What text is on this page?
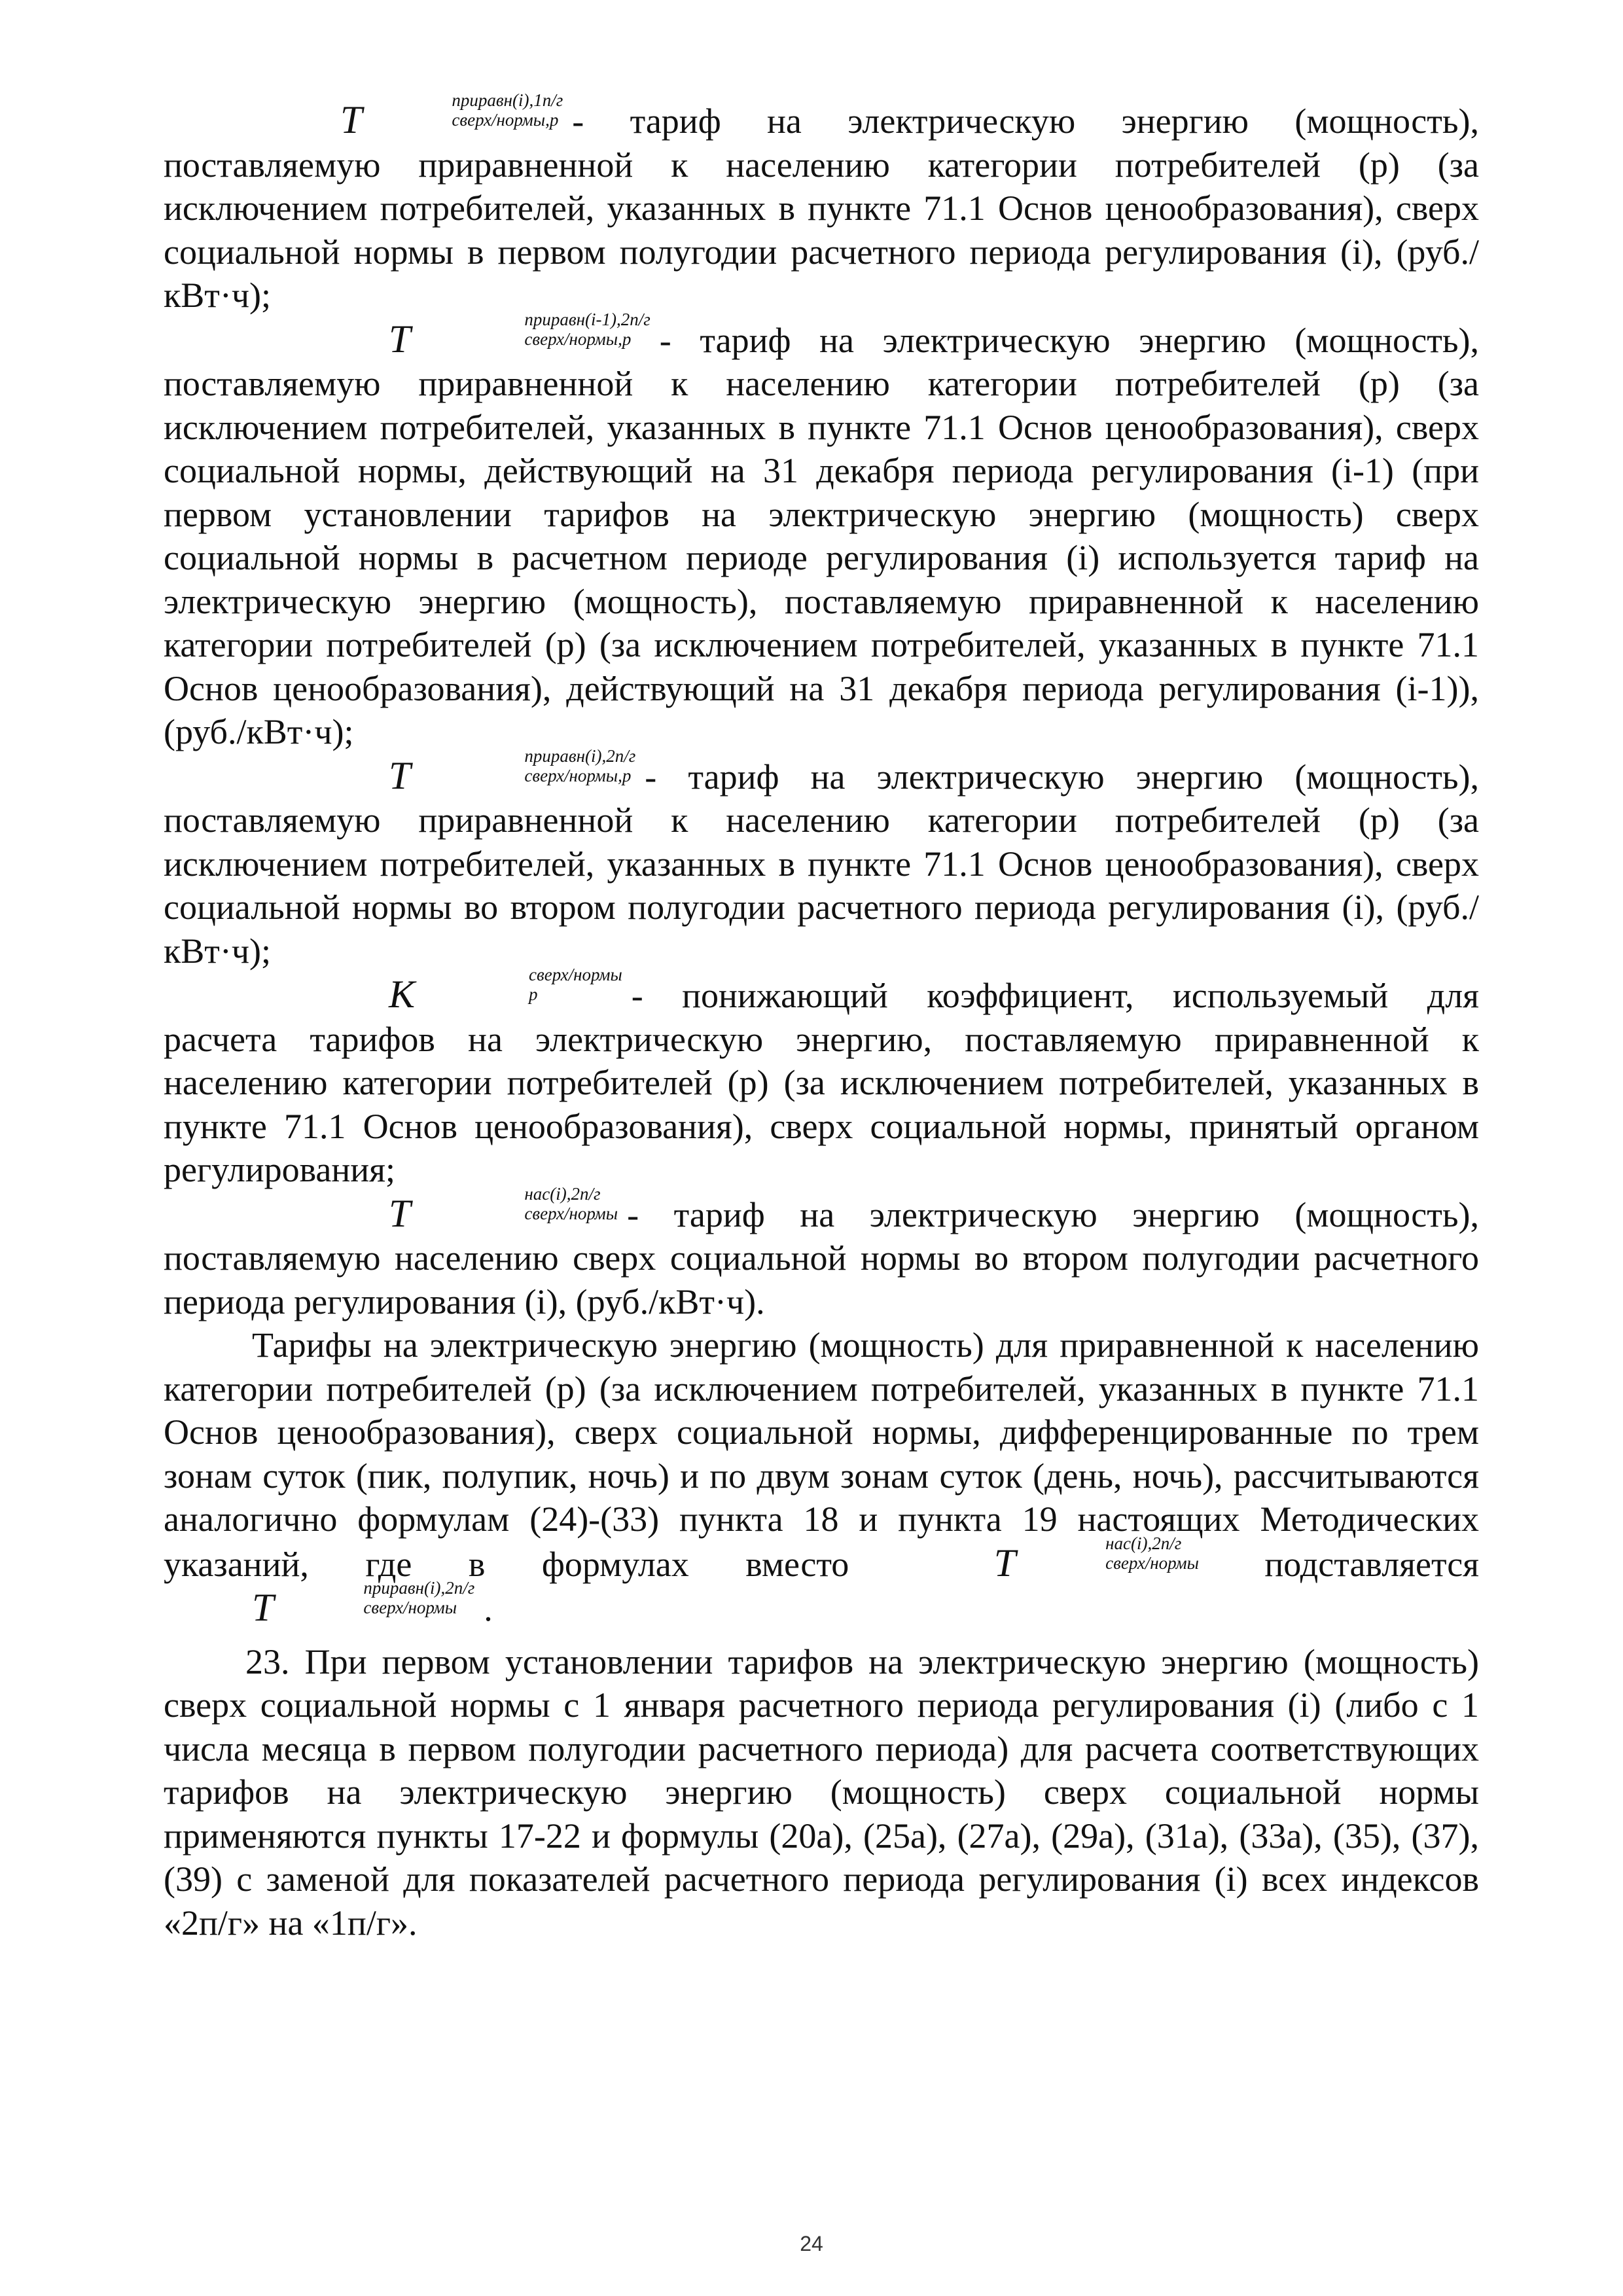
T	приравн(i),1п/г
сверх/нормы,р - тариф на электрическую энергию (мощность), поставляемую приравненной к населению категории потребителей (р) (за исключением потребителей, указанных в пункте 71.1 Основ ценообразования), сверх социальной нормы в первом полугодии расчетного периода регулирования (i), (руб./кВт·ч);

T	приравн(i-1),2п/г
сверх/нормы,р - тариф на электрическую энергию (мощность), поставляемую приравненной к населению категории потребителей (р) (за исключением потребителей, указанных в пункте 71.1 Основ ценообразования), сверх социальной нормы, действующий на 31 декабря периода регулирования (i-1) (при первом установлении тарифов на электрическую энергию (мощность) сверх социальной нормы в расчетном периоде регулирования (i) используется тариф на электрическую энергию (мощность), поставляемую приравненной к населению категории потребителей (р) (за исключением потребителей, указанных в пункте 71.1 Основ ценообразования), действующий на 31 декабря периода регулирования (i-1)), (руб./кВт·ч);

T	приравн(i),2п/г
сверх/нормы,р - тариф на электрическую энергию (мощность), поставляемую приравненной к населению категории потребителей (р) (за исключением потребителей, указанных в пункте 71.1 Основ ценообразования), сверх социальной нормы во втором полугодии расчетного периода регулирования (i), (руб./кВт·ч);

K	сверх/нормы
р	- понижающий коэффициент, используемый для расчета тарифов на электрическую энергию, поставляемую приравненной к населению категории потребителей (р) (за исключением потребителей, указанных в пункте 71.1 Основ ценообразования), сверх социальной нормы, принятый органом регулирования;

T	нас(i),2п/г
сверх/нормы - тариф на электрическую энергию (мощность), поставляемую населению сверх социальной нормы во втором полугодии расчетного периода регулирования (i), (руб./кВт·ч).

Тарифы на электрическую энергию (мощность) для приравненной к населению категории потребителей (р) (за исключением потребителей, указанных в пункте 71.1 Основ ценообразования), сверх социальной нормы, дифференцированные по трем зонам суток (пик, полупик, ночь) и по двум зонам суток (день, ночь), рассчитываются аналогично формулам (24)-(33) пункта 18 и пункта 19 настоящих Методических указаний, где в формулах вместо	T	нас(i),2п/г
сверх/нормы подставляется T	приравн(i),2п/г
сверх/нормы .

23. При первом установлении тарифов на электрическую энергию (мощность) сверх социальной нормы с 1 января расчетного периода регулирования (i) (либо с 1 числа месяца в первом полугодии расчетного периода) для расчета соответствующих тарифов на электрическую энергию (мощность) сверх социальной нормы применяются пункты 17-22 и формулы (20а), (25а), (27а), (29а), (31а), (33а), (35), (37), (39) с заменой для показателей расчетного периода регулирования (i) всех индексов «2п/г» на «1п/г».

24
